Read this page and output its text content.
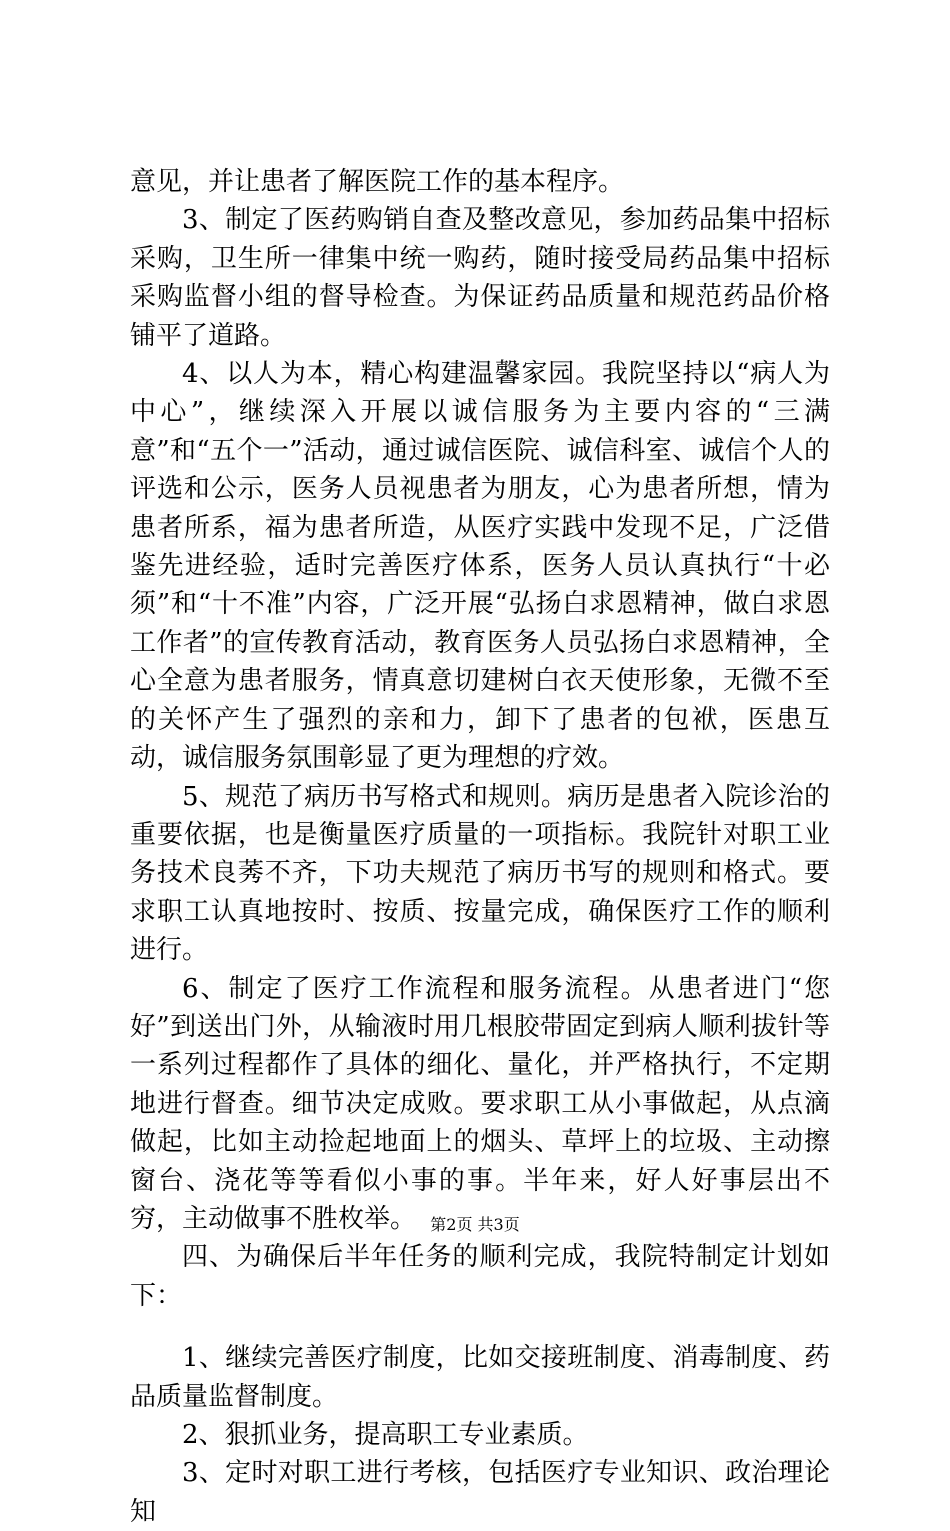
意见，并让患者了解医院工作的基本程序。

3、制定了医药购销自查及整改意见，参加药品集中招标采购，卫生所一律集中统一购药，随时接受局药品集中招标采购监督小组的督导检查。为保证药品质量和规范药品价格铺平了道路。

4、以人为本，精心构建温馨家园。我院坚持以“病人为中心”，继续深入开展以诚信服务为主要内容的“三满意”和“五个一”活动，通过诚信医院、诚信科室、诚信个人的评选和公示，医务人员视患者为朋友，心为患者所想，情为患者所系，福为患者所造，从医疗实践中发现不足，广泛借鉴先进经验，适时完善医疗体系，医务人员认真执行“十必须”和“十不准”内容，广泛开展“弘扬白求恩精神，做白求恩工作者”的宣传教育活动，教育医务人员弘扬白求恩精神，全心全意为患者服务，情真意切建树白衣天使形象，无微不至的关怀产生了强烈的亲和力，卸下了患者的包袱，医患互动，诚信服务氛围彰显了更为理想的疗效。

5、规范了病历书写格式和规则。病历是患者入院诊治的重要依据，也是衡量医疗质量的一项指标。我院针对职工业务技术良莠不齐，下功夫规范了病历书写的规则和格式。要求职工认真地按时、按质、按量完成，确保医疗工作的顺利进行。

6、制定了医疗工作流程和服务流程。从患者进门“您好”到送出门外，从输液时用几根胶带固定到病人顺利拔针等一系列过程都作了具体的细化、量化，并严格执行，不定期地进行督查。细节决定成败。要求职工从小事做起，从点滴做起，比如主动捡起地面上的烟头、草坪上的垃圾、主动擦窗台、浇花等等看似小事的事。半年来，好人好事层出不穷，主动做事不胜枚举。

四、为确保后半年任务的顺利完成，我院特制定计划如下：

1、继续完善医疗制度，比如交接班制度、消毒制度、药品质量监督制度。

2、狠抓业务，提高职工专业素质。

3、定时对职工进行考核，包括医疗专业知识、政治理论知

第2页 共3页
